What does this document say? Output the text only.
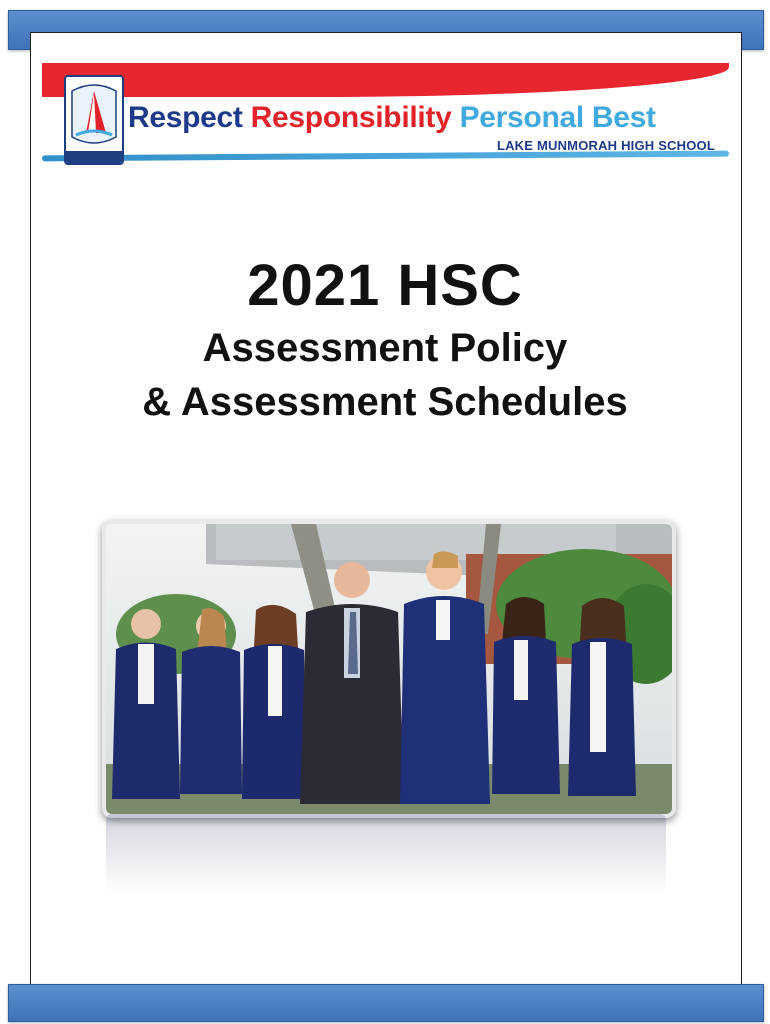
Respect Responsibility Personal Best
LAKE MUNMORAH HIGH SCHOOL
2021 HSC
Assessment Policy
& Assessment Schedules
